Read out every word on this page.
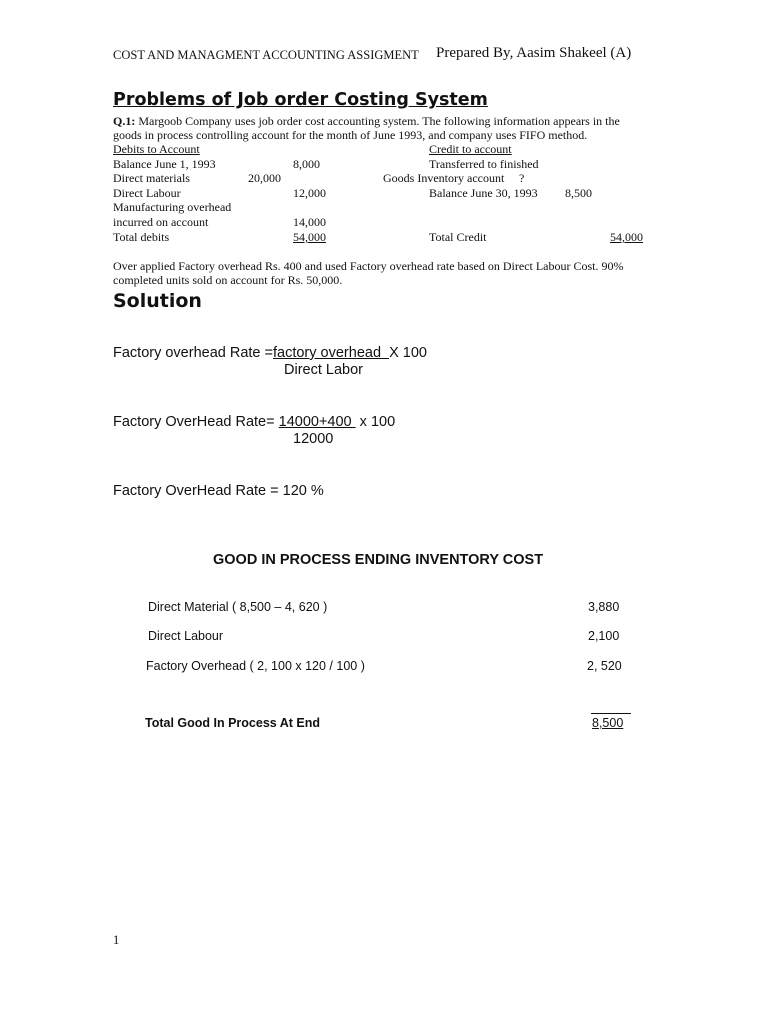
COST AND MANAGMENT ACCOUNTING ASSIGMENT Prepared By, Aasim Shakeel (A)
Problems of Job order Costing System
Q.1: Margoob Company uses job order cost accounting system. The following information appears in the
goods in process controlling account for the month of June 1993, and company uses FIFO method.
Debits to Account	Credit to account
Balance June 1, 1993	8,000	Transferred to finished
Direct materials	20,000	Goods Inventory account ?
Direct Labour	12,000	Balance June 30, 1993 8,500
Manufacturing overhead
incurred on account	14,000
Total debits	54,000	Total Credit	54,000
Over applied Factory overhead Rs. 400 and used Factory overhead rate based on Direct Labour Cost. 90%
completed units sold on account for Rs. 50,000.
Solution
Factory overhead Rate =factory overhead  X 100
Direct Labor
Factory OverHead Rate= 14000+400  x 100
12000
Factory OverHead Rate = 120 %
GOOD IN PROCESS ENDING INVENTORY COST
Direct Material ( 8,500 – 4, 620 )	3,880
Direct Labour	2,100
Factory Overhead ( 2, 100 x 120 / 100 )	2, 520
Total Good In Process At End	8,500
1
